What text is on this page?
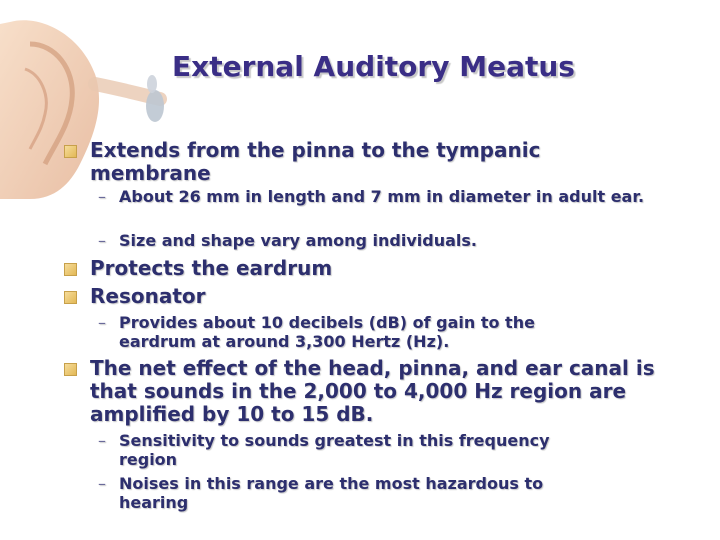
External Auditory Meatus
Extends from the pinna to the tympanic membrane
– About 26 mm in length and 7 mm in diameter in adult ear.
– Size and shape vary among individuals.
Protects the eardrum
Resonator
– Provides about 10 decibels (dB) of gain to the eardrum at around 3,300 Hertz (Hz).
The net effect of the head, pinna, and ear canal is that sounds in the 2,000 to 4,000 Hz region are amplified by 10 to 15 dB.
– Sensitivity to sounds greatest in this frequency region
– Noises in this range are the most hazardous to hearing
